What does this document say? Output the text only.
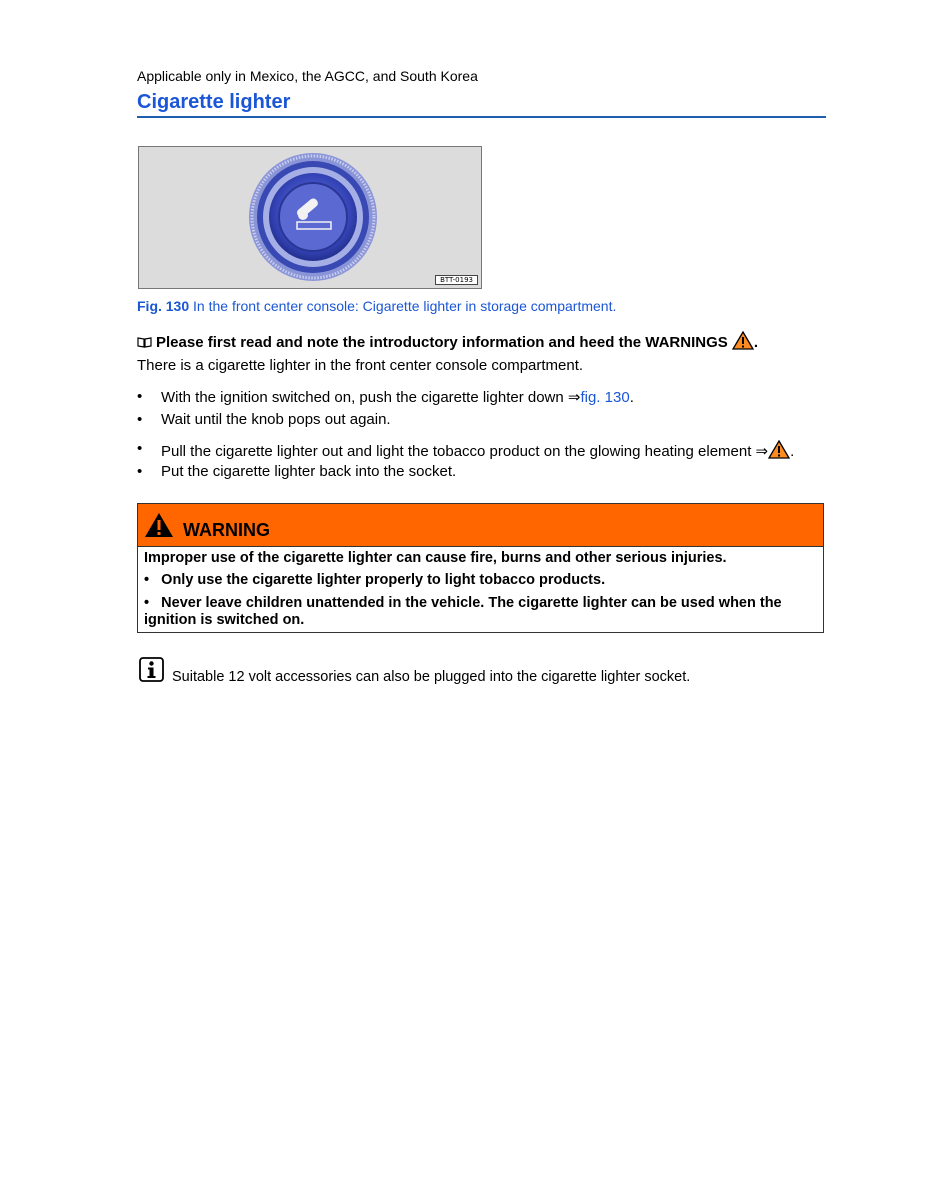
Applicable only in Mexico, the AGCC, and South Korea
Cigarette lighter
BTT-0193
Fig. 130 In the front center console: Cigarette lighter in storage compartment.
Please first read and note the introductory information and heed the WARNINGS .
There is a cigarette lighter in the front center console compartment.
• With the ignition switched on, push the cigarette lighter down ⇒fig. 130.
• Wait until the knob pops out again.
• Pull the cigarette lighter out and light the tobacco product on the glowing heating element ⇒ .
• Put the cigarette lighter back into the socket.
WARNING
Improper use of the cigarette lighter can cause fire, burns and other serious injuries.
•   Only use the cigarette lighter properly to light tobacco products.
•   Never leave children unattended in the vehicle. The cigarette lighter can be used when the
ignition is switched on.
Suitable 12 volt accessories can also be plugged into the cigarette lighter socket.
